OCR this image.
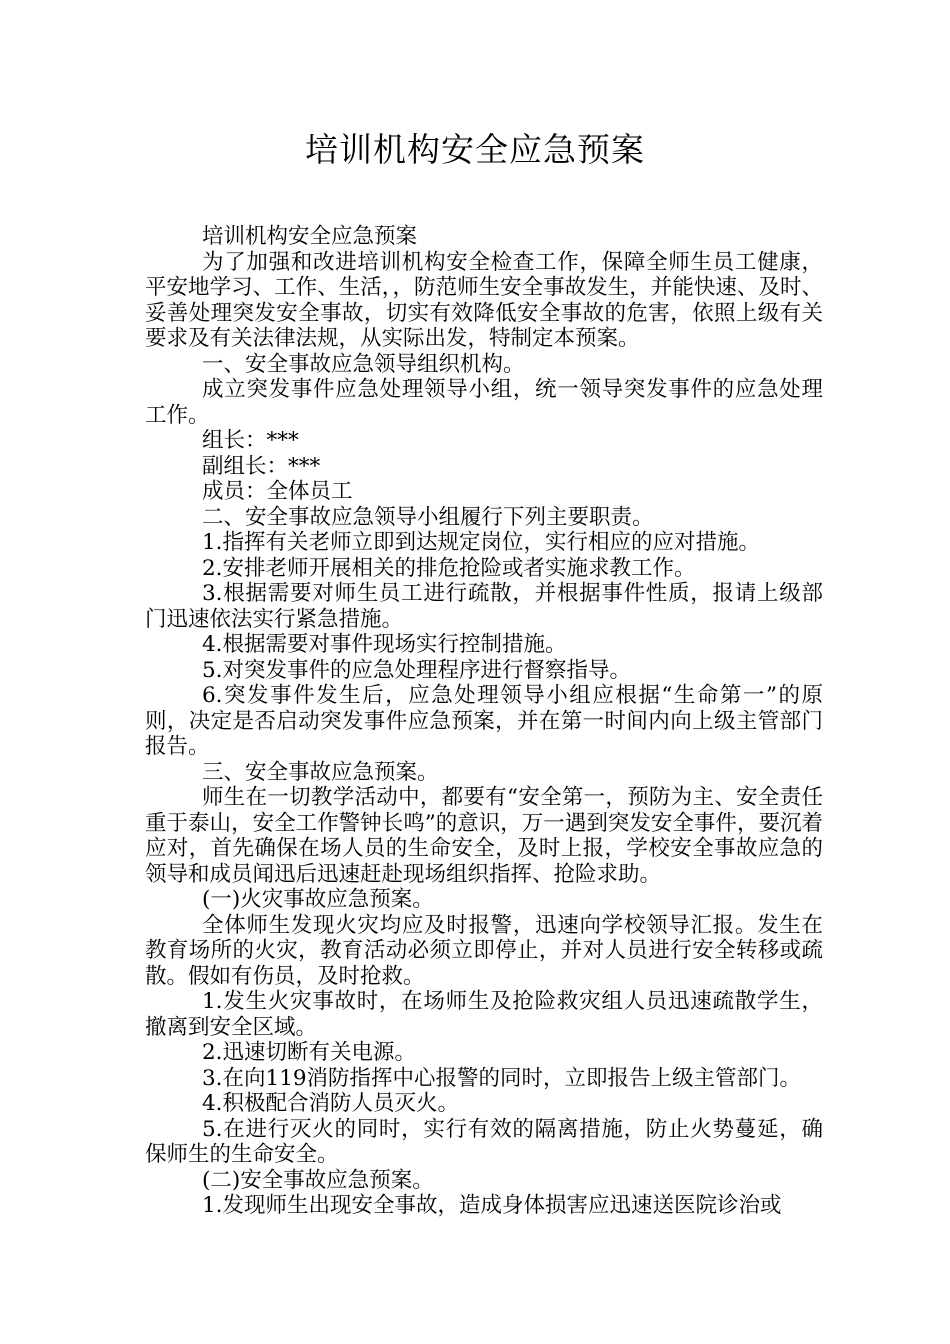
培训机构安全应急预案

培训机构安全应急预案

为了加强和改进培训机构安全检查工作，保障全师生员工健康，平安地学习、工作、生活，，防范师生安全事故发生，并能快速、及时、妥善处理突发安全事故，切实有效降低安全事故的危害，依照上级有关要求及有关法律法规，从实际出发，特制定本预案。

一、安全事故应急领导组织机构。

成立突发事件应急处理领导小组，统一领导突发事件的应急处理工作。

组长：***

副组长：***

成员：全体员工

二、安全事故应急领导小组履行下列主要职责。

1.指挥有关老师立即到达规定岗位，实行相应的应对措施。

2.安排老师开展相关的排危抢险或者实施求教工作。

3.根据需要对师生员工进行疏散，并根据事件性质，报请上级部门迅速依法实行紧急措施。

4.根据需要对事件现场实行控制措施。

5.对突发事件的应急处理程序进行督察指导。

6.突发事件发生后，应急处理领导小组应根据“生命第一”的原则，决定是否启动突发事件应急预案，并在第一时间内向上级主管部门报告。

三、安全事故应急预案。

师生在一切教学活动中，都要有“安全第一，预防为主、安全责任重于泰山，安全工作警钟长鸣”的意识，万一遇到突发安全事件，要沉着应对，首先确保在场人员的生命安全，及时上报，学校安全事故应急的领导和成员闻迅后迅速赶赴现场组织指挥、抢险求助。

(一)火灾事故应急预案。

全体师生发现火灾均应及时报警，迅速向学校领导汇报。发生在教育场所的火灾，教育活动必须立即停止，并对人员进行安全转移或疏散。假如有伤员，及时抢救。

1.发生火灾事故时，在场师生及抢险救灾组人员迅速疏散学生，撤离到安全区域。

2.迅速切断有关电源。

3.在向119消防指挥中心报警的同时，立即报告上级主管部门。

4.积极配合消防人员灭火。

5.在进行灭火的同时，实行有效的隔离措施，防止火势蔓延，确保师生的生命安全。

(二)安全事故应急预案。

1.发现师生出现安全事故，造成身体损害应迅速送医院诊治或
